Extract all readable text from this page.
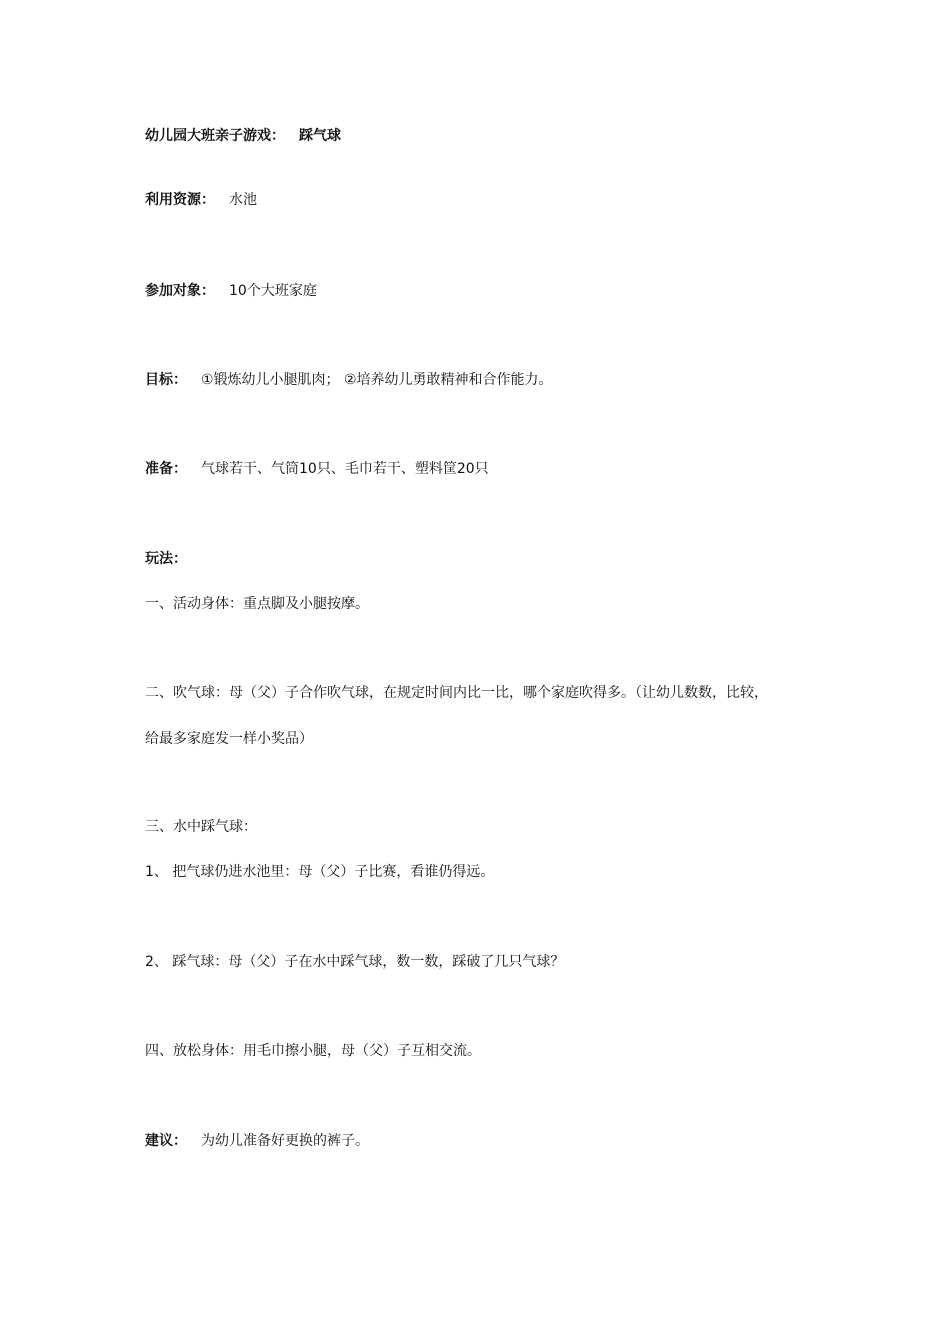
幼儿园大班亲子游戏： 踩气球
利用资源： 水池
参加对象： 10个大班家庭
目标： ①锻炼幼儿小腿肌肉； ②培养幼儿勇敢精神和合作能力。
准备： 气球若干、气筒10只、毛巾若干、塑料筐20只
玩法：
一、活动身体：重点脚及小腿按摩。
二、吹气球：母（父）子合作吹气球，在规定时间内比一比，哪个家庭吹得多。（让幼儿数数，比较，
给最多家庭发一样小奖品）
三、水中踩气球：
1、 把气球仍进水池里：母（父）子比赛，看谁仍得远。
2、 踩气球：母（父）子在水中踩气球，数一数，踩破了几只气球？
四、放松身体：用毛巾擦小腿，母（父）子互相交流。
建议： 为幼儿准备好更换的裤子。
